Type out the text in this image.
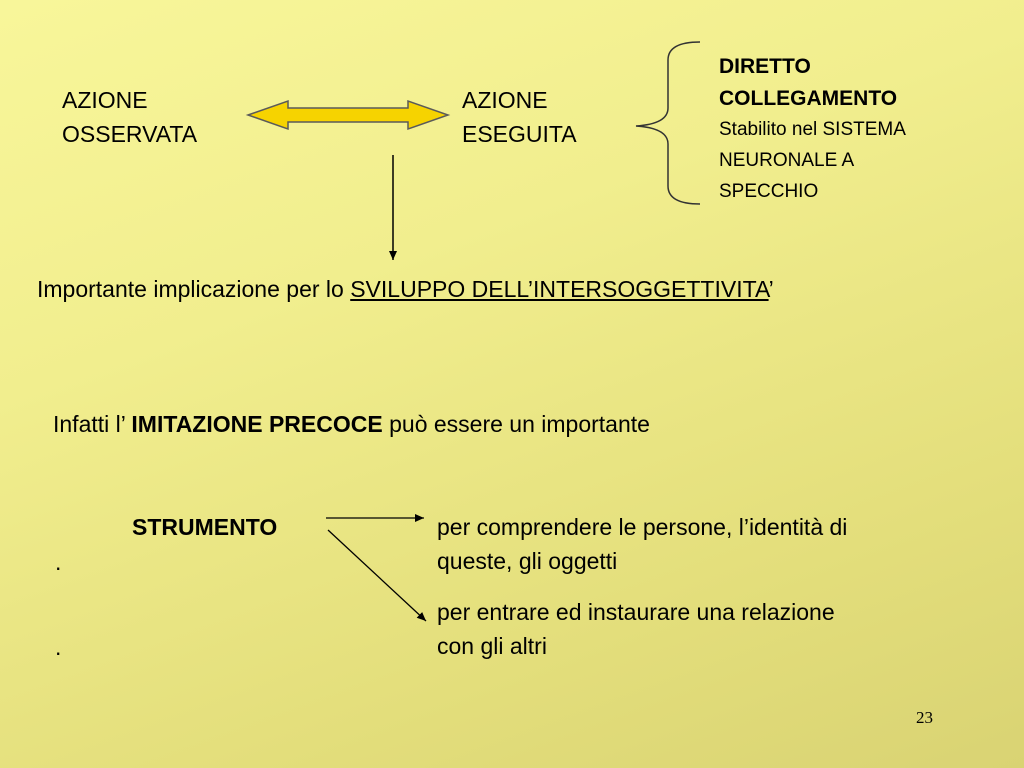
AZIONE
OSSERVATA
AZIONE
ESEGUITA
DIRETTO
COLLEGAMENTO
Stabilito nel SISTEMA
NEURONALE A
SPECCHIO
Importante implicazione per lo SVILUPPO DELL’INTERSOGGETTIVITA’
Infatti l’ IMITAZIONE PRECOCE può essere un importante
STRUMENTO	per comprendere le persone, l’identità di
queste, gli oggetti
per entrare ed instaurare una relazione
con gli altri
.
.
23
